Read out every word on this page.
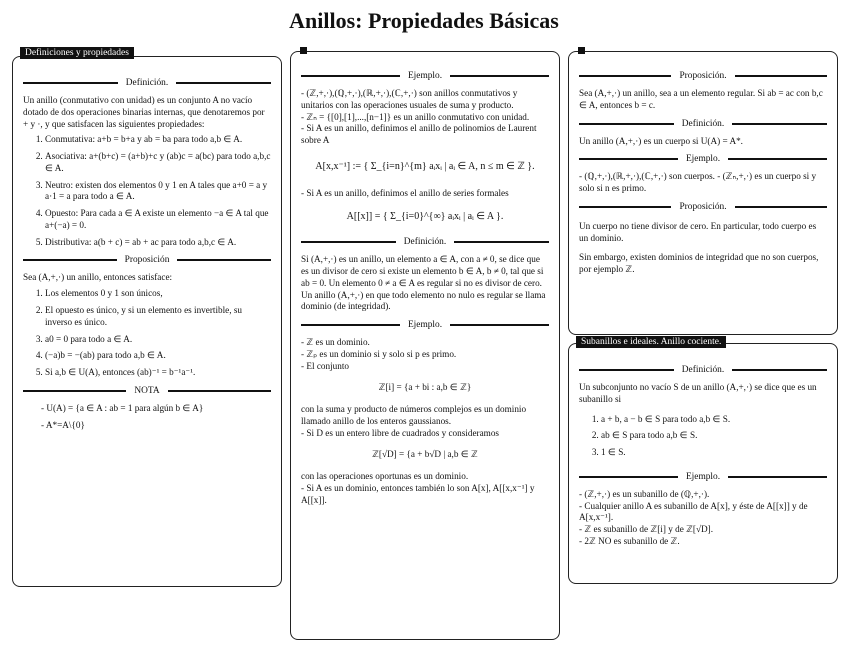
Anillos: Propiedades Básicas
Definición.

Un anillo (conmutativo con unidad) es un conjunto A no vacío dotado de dos operaciones binarias internas, que denotaremos por + y ·, y que satisfacen las siguientes propiedades:

1. Conmutativa: a+b = b+a y ab = ba para todo a,b ∈ A.
2. Asociativa: a+(b+c) = (a+b)+c y (ab)c = a(bc) para todo a,b,c ∈ A.
3. Neutro: existen dos elementos 0 y 1 en A tales que a+0 = a y a·1 = a para todo a ∈ A.
4. Opuesto: Para cada a ∈ A existe un elemento −a ∈ A tal que a+(−a) = 0.
5. Distributiva: a(b + c) = ab + ac para todo a,b,c ∈ A.
Proposición

Sea (A,+,·) un anillo, entonces satisface:

1. Los elementos 0 y 1 son únicos,
2. El opuesto es único, y si un elemento es invertible, su inverso es único.
3. a0 = 0 para todo a ∈ A.
4. (−a)b = −(ab) para todo a,b ∈ A.
5. Si a,b ∈ U(A), entonces (ab)⁻¹ = b⁻¹a⁻¹.
NOTA
- U(A) = {a ∈ A : ab = 1 para algún b ∈ A}
- A*=A\{0}
Definiciones y propiedades
Ejemplo.

- (ℤ,+,·),(ℚ,+,·),(ℝ,+,·),(ℂ,+,·) son anillos conmutativos y unitarios con las operaciones usuales de suma y producto.

- ℤₙ = {[0],[1],...,[n−1]} es un anillo conmutativo con unidad.

- Si A es un anillo, definimos el anillo de polinomios de Laurent sobre A

A[x,x⁻¹] := { Σ_{i=n}^{m} aᵢxᵢ | aᵢ ∈ A, n ≤ m ∈ ℤ }.

- Si A es un anillo, definimos el anillo de series formales

A[[x]] = { Σ_{i=0}^{∞} aᵢxᵢ | aᵢ ∈ A }.
Definición.

Si (A,+,·) es un anillo, un elemento a ∈ A, con a ≠ 0, se dice que es un divisor de cero si existe un elemento b ∈ A, b ≠ 0, tal que si ab = 0. Un elemento 0 ≠ a ∈ A es regular si no es divisor de cero. Un anillo (A,+,·) en que todo elemento no nulo es regular se llama dominio (de integridad).

Ejemplo.

- ℤ es un dominio.

- ℤₚ es un dominio si y solo si p es primo.

- El conjunto

ℤ[i] = {a + bi : a,b ∈ ℤ}

con la suma y producto de números complejos es un dominio llamado anillo de los enteros gaussianos.

- Si D es un entero libre de cuadrados y consideramos

ℤ[√D] = {a + b√D | a,b ∈ ℤ

con las operaciones oportunas es un dominio.

- Si A es un dominio, entonces también lo son A[x], A[[x,x⁻¹] y A[[x]].

Proposición.

Sea (A,+,·) un anillo, sea a un elemento regular. Si ab = ac con b,c ∈ A, entonces b = c.

Definición.

Un anillo (A,+,·) es un cuerpo si U(A) = A*.

Ejemplo.

- (ℚ,+,·),(ℝ,+,·),(ℂ,+,·) son cuerpos. - (ℤₙ,+,·) es un cuerpo si y solo si n es primo.

Proposición.

Un cuerpo no tiene divisor de cero. En particular, todo cuerpo es un dominio.

Sin embargo, existen dominios de integridad que no son cuerpos, por ejemplo ℤ.

Definición.

Un subconjunto no vacío S de un anillo (A,+,·) se dice que es un subanillo si

1. a + b, a − b ∈ S para todo a,b ∈ S.
2. ab ∈ S para todo a,b ∈ S.
3. 1 ∈ S.
Ejemplo.

- (ℤ,+,·) es un subanillo de (ℚ,+,·).

- Cualquier anillo A es subanillo de A[x], y éste de A[[x]] y de A[x,x⁻¹].

- ℤ es subanillo de ℤ[i] y de ℤ[√D].

- 2ℤ NO es subanillo de ℤ.

Subanillos e ideales. Anillo cociente.
